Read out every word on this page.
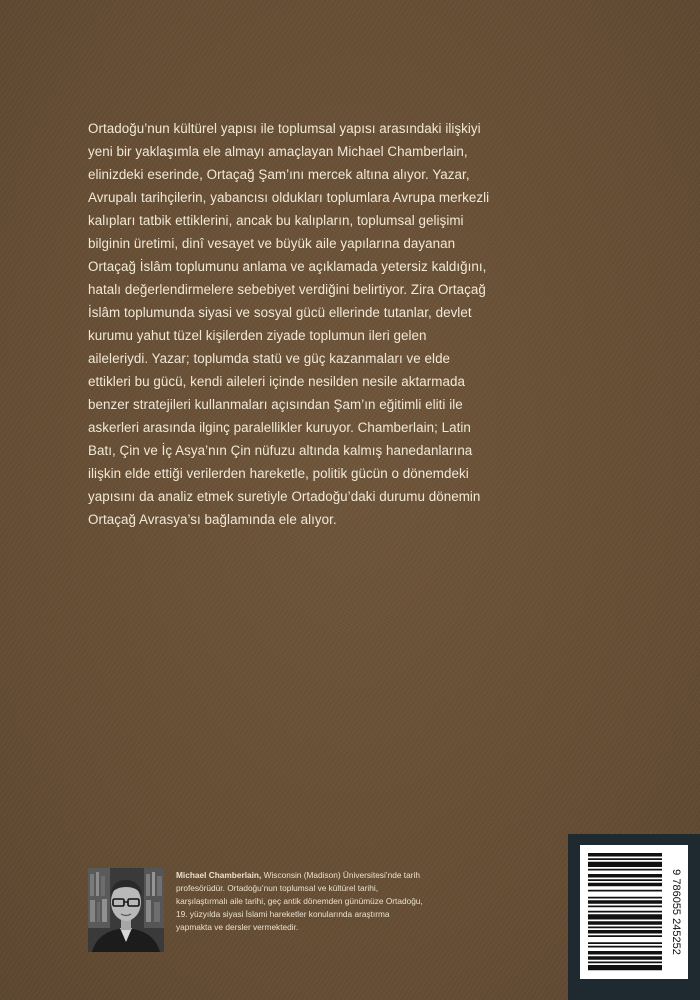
Ortadoğu’nun kültürel yapısı ile toplumsal yapısı arasındaki ilişkiyi
yeni bir yaklaşımla ele almayı amaçlayan Michael Chamberlain,
elinizdeki eserinde, Ortaçağ Şam’ını mercek altına alıyor. Yazar,
Avrupalı tarihçilerin, yabancısı oldukları toplumlara Avrupa merkezli
kalıpları tatbik ettiklerini, ancak bu kalıpların, toplumsal gelişimi
bilginin üretimi, dinî vesayet ve büyük aile yapılarına dayanan
Ortaçağ İslâm toplumunu anlama ve açıklamada yetersiz kaldığını,
hatalı değerlendirmelere sebebiyet verdiğini belirtiyor. Zira Ortaçağ
İslâm toplumunda siyasi ve sosyal gücü ellerinde tutanlar, devlet
kurumu yahut tüzel kişilerden ziyade toplumun ileri gelen
aileleriydi. Yazar; toplumda statü ve güç kazanmaları ve elde
ettikleri bu gücü, kendi aileleri içinde nesilden nesile aktarmada
benzer stratejileri kullanmaları açısından Şam’ın eğitimli eliti ile
askerleri arasında ilginç paralellikler kuruyor. Chamberlain; Latin
Batı, Çin ve İç Asya’nın Çin nüfuzu altında kalmış hanedanlarına
ilişkin elde ettiği verilerden hareketle, politik gücün o dönemdeki
yapısını da analiz etmek suretiyle Ortadoğu’daki durumu dönemin
Ortaçağ Avrasya’sı bağlamında ele alıyor.

Michael Chamberlain, Wisconsin (Madison) Üniversitesi’nde tarih
profesörüdür. Ortadoğu’nun toplumsal ve kültürel tarihi,
karşılaştırmalı aile tarihi, geç antik dönemden günümüze Ortadoğu,
19. yüzyılda siyasi İslami hareketler konularında araştırma
yapmakta ve dersler vermektedir.	9 786055 245252
